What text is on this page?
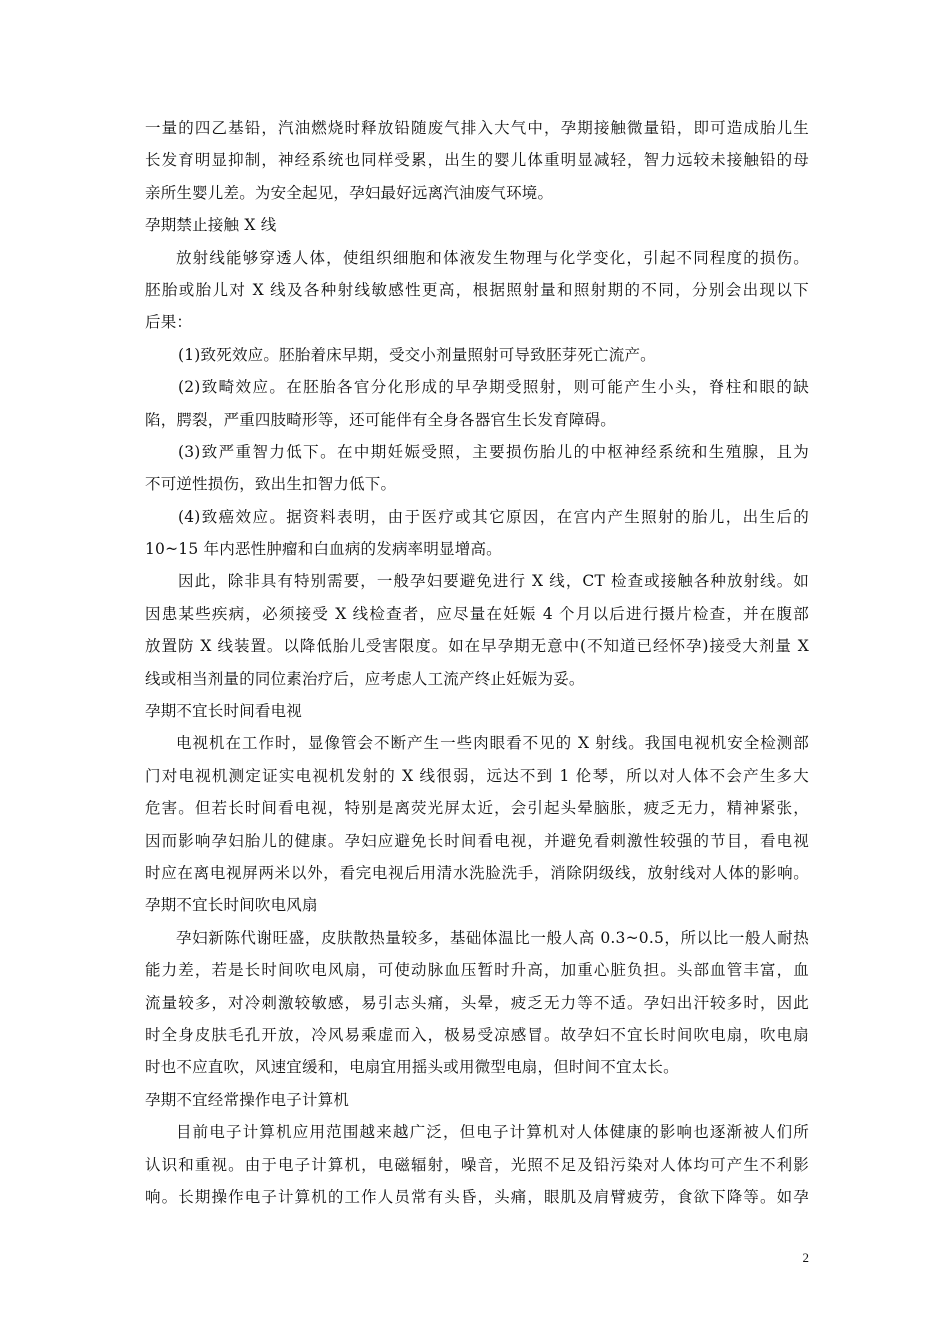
一量的四乙基铅，汽油燃烧时释放铅随废气排入大气中，孕期接触微量铅，即可造成胎儿生
长发育明显抑制，神经系统也同样受累，出生的婴儿体重明显减轻，智力远较未接触铅的母
亲所生婴儿差。为安全起见，孕妇最好远离汽油废气环境。
孕期禁止接触 X 线
放射线能够穿透人体，使组织细胞和体液发生物理与化学变化，引起不同程度的损伤。
胚胎或胎儿对 X 线及各种射线敏感性更高，根据照射量和照射期的不同，分别会出现以下
后果：
(1)致死效应。胚胎着床早期，受交小剂量照射可导致胚芽死亡流产。
(2)致畸效应。在胚胎各官分化形成的早孕期受照射，则可能产生小头，脊柱和眼的缺
陷，腭裂，严重四肢畸形等，还可能伴有全身各器官生长发育障碍。
(3)致严重智力低下。在中期妊娠受照，主要损伤胎儿的中枢神经系统和生殖腺，且为
不可逆性损伤，致出生扣智力低下。
(4)致癌效应。据资料表明，由于医疗或其它原因，在宫内产生照射的胎儿，出生后的
10~15 年内恶性肿瘤和白血病的发病率明显增高。
因此，除非具有特别需要，一般孕妇要避免进行 X 线，CT 检查或接触各种放射线。如
因患某些疾病，必须接受 X 线检查者，应尽量在妊娠 4 个月以后进行摄片检查，并在腹部
放置防 X 线装置。以降低胎儿受害限度。如在早孕期无意中(不知道已经怀孕)接受大剂量 X
线或相当剂量的同位素治疗后，应考虑人工流产终止妊娠为妥。
孕期不宜长时间看电视
电视机在工作时，显像管会不断产生一些肉眼看不见的 X 射线。我国电视机安全检测部
门对电视机测定证实电视机发射的 X 线很弱，远达不到 1 伦琴，所以对人体不会产生多大
危害。但若长时间看电视，特别是离荧光屏太近，会引起头晕脑胀，疲乏无力，精神紧张，
因而影响孕妇胎儿的健康。孕妇应避免长时间看电视，并避免看刺激性较强的节目，看电视
时应在离电视屏两米以外，看完电视后用清水洗脸洗手，消除阴级线，放射线对人体的影响。
孕期不宜长时间吹电风扇
孕妇新陈代谢旺盛，皮肤散热量较多，基础体温比一般人高 0.3~0.5，所以比一般人耐热
能力差，若是长时间吹电风扇，可使动脉血压暂时升高，加重心脏负担。头部血管丰富，血
流量较多，对冷刺激较敏感，易引志头痛，头晕，疲乏无力等不适。孕妇出汗较多时，因此
时全身皮肤毛孔开放，冷风易乘虚而入，极易受凉感冒。故孕妇不宜长时间吹电扇，吹电扇
时也不应直吹，风速宜缓和，电扇宜用摇头或用微型电扇，但时间不宜太长。
孕期不宜经常操作电子计算机
目前电子计算机应用范围越来越广泛，但电子计算机对人体健康的影响也逐渐被人们所
认识和重视。由于电子计算机，电磁辐射，噪音，光照不足及铅污染对人体均可产生不利影
响。长期操作电子计算机的工作人员常有头昏，头痛，眼肌及肩臂疲劳，食欲下降等。如孕
2
